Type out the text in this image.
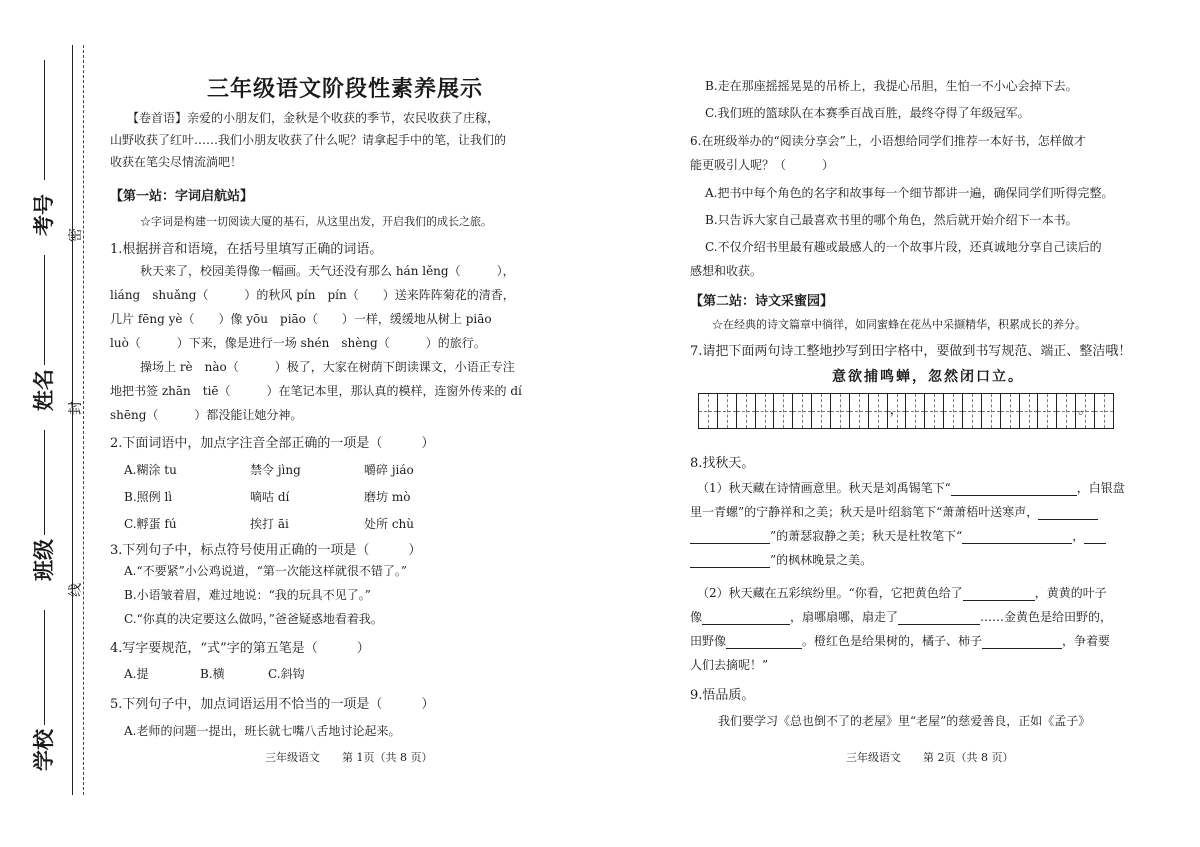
考号
姓名
班级
学校
密
封
线
三年级语文阶段性素养展示
【卷首语】亲爱的小朋友们，金秋是个收获的季节，农民收获了庄稼，
山野收获了红叶……我们小朋友收获了什么呢？请拿起手中的笔，让我们的
收获在笔尖尽情流淌吧！
【第一站：字词启航站】
☆字词是构建一切阅读大厦的基石，从这里出发，开启我们的成长之旅。
1.根据拼音和语境，在括号里填写正确的词语。
秋天来了，校园美得像一幅画。天气还没有那么 hán lěng（　　　），
liáng　shuǎng（　　　）的秋风 pín　pín（　　）送来阵阵菊花的清香，
几片 fēng yè（　　）像 yōu　piāo（　　）一样，缓缓地从树上 piāo
luò（　　　）下来，像是进行一场 shén　shèng（　　　）的旅行。
操场上 rè　nào（　　　）极了，大家在树荫下朗读课文，小语正专注
地把书签 zhān　tiē（　　　）在笔记本里，那认真的模样，连窗外传来的 dí
shēng（　　　）都没能让她分神。
2.下面词语中，加点字注音全部正确的一项是（　　　）
A.糊涂 tu	禁令 jìng	嚼碎 jiáo
B.照例 lì	嘀咕 dí	磨坊 mò
C.孵蛋 fú	挨打 āi	处所 chù
3.下列句子中，标点符号使用正确的一项是（　　　）
A.“不要紧”小公鸡说道，“第一次能这样就很不错了。”
B.小语皱着眉，难过地说：“我的玩具不见了。”
C.“你真的决定要这么做吗，”爸爸疑惑地看着我。
4.写字要规范，“式”字的第五笔是（　　　）
A.提	B.横	C.斜钩
5.下列句子中，加点词语运用不恰当的一项是（　　　）
A.老师的问题一提出，班长就七嘴八舌地讨论起来。
三年级语文　　第 1页（共 8 页）
B.走在那座摇摇晃晃的吊桥上，我提心吊胆，生怕一不小心会掉下去。
C.我们班的篮球队在本赛季百战百胜，最终夺得了年级冠军。
6.在班级举办的“阅读分享会”上，小语想给同学们推荐一本好书，怎样做才
能更吸引人呢？（　　　）
A.把书中每个角色的名字和故事每一个细节都讲一遍，确保同学们听得完整。
B.只告诉大家自己最喜欢书里的哪个角色，然后就开始介绍下一本书。
C.不仅介绍书里最有趣或最感人的一个故事片段，还真诚地分享自己读后的
感想和收获。
【第二站：诗文采蜜园】
☆在经典的诗文篇章中徜徉，如同蜜蜂在花丛中采撷精华，积累成长的养分。
7.请把下面两句诗工整地抄写到田字格中，要做到书写规范、端正、整洁哦！
意欲捕鸣蝉，忽然闭口立。
，	。
8.找秋天。
（1）秋天藏在诗情画意里。秋天是刘禹锡笔下“	，白银盘
里一青螺”的宁静祥和之美；秋天是叶绍翁笔下“萧萧梧叶送寒声，
”的萧瑟寂静之美；秋天是杜牧笔下“	，
”的枫林晚景之美。
（2）秋天藏在五彩缤纷里。“你看，它把黄色给了	，黄黄的叶子
像	，扇哪扇哪，扇走了	……金黄色是给田野的，
田野像	。橙红色是给果树的，橘子、柿子	，争着要
人们去摘呢！”
9.悟品质。
我们要学习《总也倒不了的老屋》里“老屋”的慈爱善良，正如《孟子》
三年级语文　　第 2页（共 8 页）
